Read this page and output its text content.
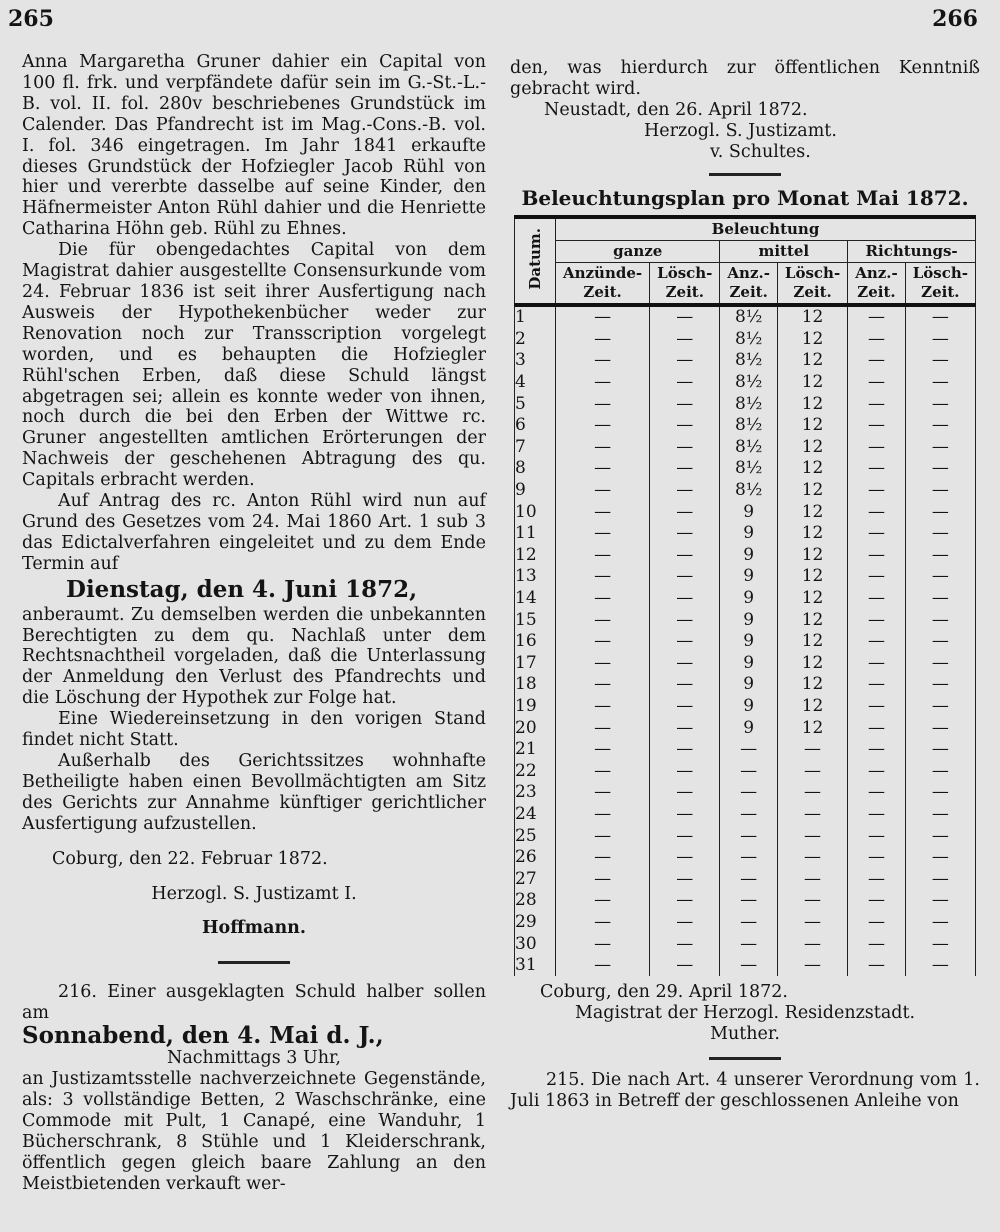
265	266

Anna Margaretha Gruner dahier ein Capital von 100 fl. frk. und verpfändete dafür sein im G.-St.-L.-B. vol. II. fol. 280v beschriebenes Grundstück im Calender. Das Pfandrecht ist im Mag.-Cons.-B. vol. I. fol. 346 eingetragen. Im Jahr 1841 erkaufte dieses Grundstück der Hofziegler Jacob Rühl von hier und vererbte dasselbe auf seine Kinder, den Häfnermeister Anton Rühl dahier und die Henriette Catharina Höhn geb. Rühl zu Ehnes.

Die für obengedachtes Capital von dem Magistrat dahier ausgestellte Consensurkunde vom 24. Februar 1836 ist seit ihrer Ausfertigung nach Ausweis der Hypothekenbücher weder zur Renovation noch zur Transscription vorgelegt worden, und es behaupten die Hofziegler Rühl'schen Erben, daß diese Schuld längst abgetragen sei; allein es konnte weder von ihnen, noch durch die bei den Erben der Wittwe rc. Gruner angestellten amtlichen Erörterungen der Nachweis der geschehenen Abtragung des qu. Capitals erbracht werden.

Auf Antrag des rc. Anton Rühl wird nun auf Grund des Gesetzes vom 24. Mai 1860 Art. 1 sub 3 das Edictalverfahren eingeleitet und zu dem Ende Termin auf

Dienstag, den 4. Juni 1872,

anberaumt. Zu demselben werden die unbekannten Berechtigten zu dem qu. Nachlaß unter dem Rechtsnachtheil vorgeladen, daß die Unterlassung der Anmeldung den Verlust des Pfandrechts und die Löschung der Hypothek zur Folge hat.

Eine Wiedereinsetzung in den vorigen Stand findet nicht Statt.

Außerhalb des Gerichtssitzes wohnhafte Betheiligte haben einen Bevollmächtigten am Sitz des Gerichts zur Annahme künftiger gerichtlicher Ausfertigung aufzustellen.

Coburg, den 22. Februar 1872.

Herzogl. S. Justizamt I.

Hoffmann.

216. Einer ausgeklagten Schuld halber sollen am

Sonnabend, den 4. Mai d. J.,

Nachmittags 3 Uhr,

an Justizamtsstelle nachverzeichnete Gegenstände, als: 3 vollständige Betten, 2 Waschschränke, eine Commode mit Pult, 1 Canapé, eine Wanduhr, 1 Bücherschrank, 8 Stühle und 1 Kleiderschrank, öffentlich gegen gleich baare Zahlung an den Meistbietenden verkauft wer-

den, was hierdurch zur öffentlichen Kenntniß gebracht wird.

Neustadt, den 26. April 1872.

Herzogl. S. Justizamt.

v. Schultes.

Beleuchtungsplan pro Monat Mai 1872.
Datum.	Beleuchtung					
	ganze		mittel		Richtungs-	
	Anzünde-Zeit.	Lösch-Zeit.	Anz.-Zeit.	Lösch-Zeit.	Anz.-Zeit.	Lösch-Zeit.
1	—	—	8½	12	—	—
2	—	—	8½	12	—	—
3	—	—	8½	12	—	—
4	—	—	8½	12	—	—
5	—	—	8½	12	—	—
6	—	—	8½	12	—	—
7	—	—	8½	12	—	—
8	—	—	8½	12	—	—
9	—	—	8½	12	—	—
10	—	—	9	12	—	—
11	—	—	9	12	—	—
12	—	—	9	12	—	—
13	—	—	9	12	—	—
14	—	—	9	12	—	—
15	—	—	9	12	—	—
16	—	—	9	12	—	—
17	—	—	9	12	—	—
18	—	—	9	12	—	—
19	—	—	9	12	—	—
20	—	—	9	12	—	—
21	—	—	—	—	—	—
22	—	—	—	—	—	—
23	—	—	—	—	—	—
24	—	—	—	—	—	—
25	—	—	—	—	—	—
26	—	—	—	—	—	—
27	—	—	—	—	—	—
28	—	—	—	—	—	—
29	—	—	—	—	—	—
30	—	—	—	—	—	—
31	—	—	—	—	—	—

Coburg, den 29. April 1872.

Magistrat der Herzogl. Residenzstadt.

Muther.

215. Die nach Art. 4 unserer Verordnung vom 1. Juli 1863 in Betreff der geschlossenen Anleihe von
